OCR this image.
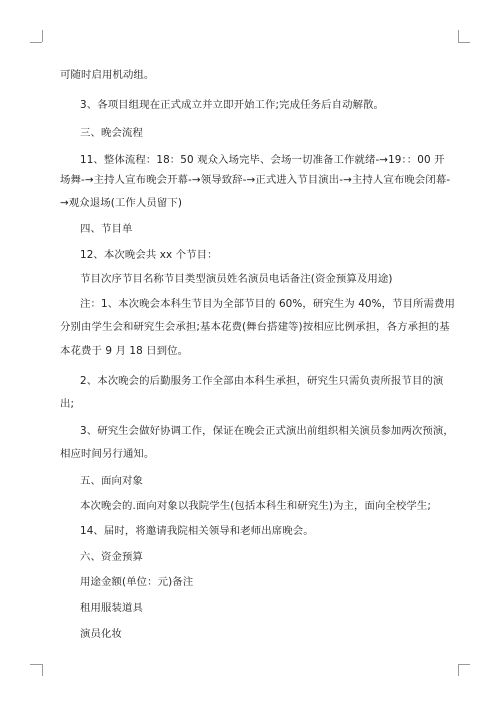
可随时启用机动组。
3、各项目组现在正式成立并立即开始工作;完成任务后自动解散。
三、晚会流程
11、整体流程：18：50 观众入场完毕、会场一切准备工作就绪-→19：：00 开
场舞-→主持人宣布晚会开幕-→领导致辞-→正式进入节目演出-→主持人宣布晚会闭幕-
→观众退场(工作人员留下)
四、节目单
12、本次晚会共 xx 个节目：
节目次序节目名称节目类型演员姓名演员电话备注(资金预算及用途)
注：1、本次晚会本科生节目为全部节目的 60%，研究生为 40%，节目所需费用
分别由学生会和研究生会承担;基本花费(舞台搭建等)按相应比例承担，各方承担的基
本花费于 9 月 18 日到位。
2、本次晚会的后勤服务工作全部由本科生承担，研究生只需负责所报节目的演
出;
3、研究生会做好协调工作，保证在晚会正式演出前组织相关演员参加两次预演，
相应时间另行通知。
五、面向对象
本次晚会的.面向对象以我院学生(包括本科生和研究生)为主，面向全校学生;
14、届时，将邀请我院相关领导和老师出席晚会。
六、资金预算
用途金额(单位：元)备注
租用服装道具
演员化妆
